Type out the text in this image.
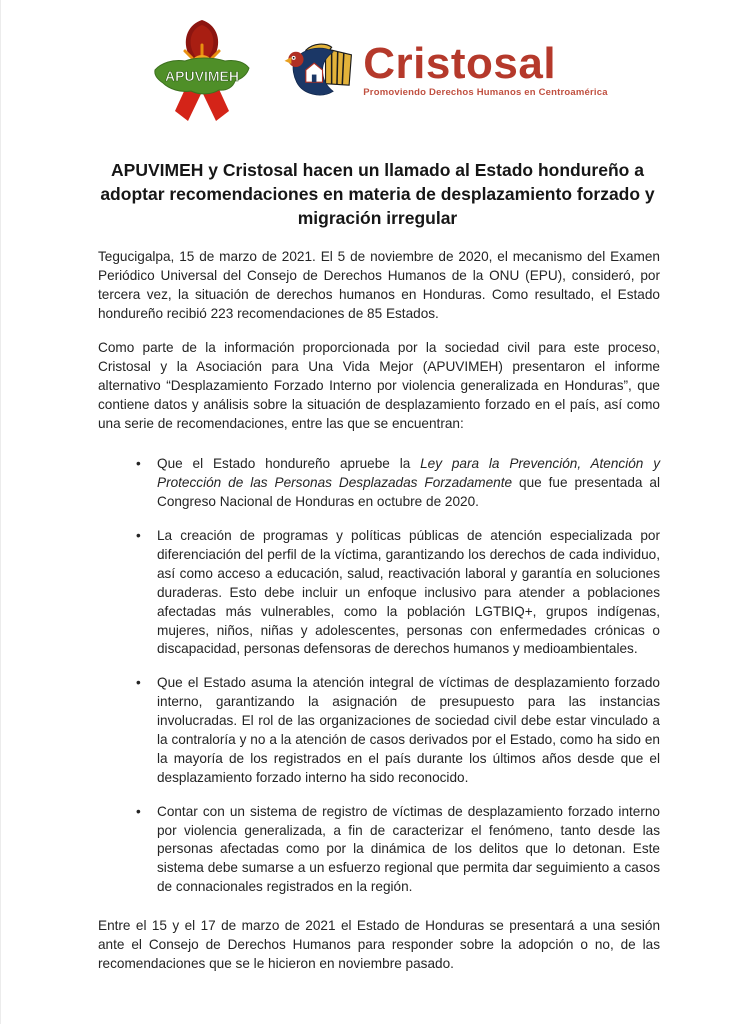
APUVIMEH	Cristosal
Promoviendo Derechos Humanos en Centroamérica
APUVIMEH y Cristosal hacen un llamado al Estado hondureño a adoptar recomendaciones en materia de desplazamiento forzado y migración irregular

Tegucigalpa, 15 de marzo de 2021. El 5 de noviembre de 2020, el mecanismo del Examen Periódico Universal del Consejo de Derechos Humanos de la ONU (EPU), consideró, por tercera vez, la situación de derechos humanos en Honduras. Como resultado, el Estado hondureño recibió 223 recomendaciones de 85 Estados.

Como parte de la información proporcionada por la sociedad civil para este proceso, Cristosal y la Asociación para Una Vida Mejor (APUVIMEH) presentaron el informe alternativo “Desplazamiento Forzado Interno por violencia generalizada en Honduras”, que contiene datos y análisis sobre la situación de desplazamiento forzado en el país, así como una serie de recomendaciones, entre las que se encuentran:

• Que el Estado hondureño apruebe la Ley para la Prevención, Atención y Protección de las Personas Desplazadas Forzadamente que fue presentada al Congreso Nacional de Honduras en octubre de 2020.
• La creación de programas y políticas públicas de atención especializada por diferenciación del perfil de la víctima, garantizando los derechos de cada individuo, así como acceso a educación, salud, reactivación laboral y garantía en soluciones duraderas. Esto debe incluir un enfoque inclusivo para atender a poblaciones afectadas más vulnerables, como la población LGTBIQ+, grupos indígenas, mujeres, niños, niñas y adolescentes, personas con enfermedades crónicas o discapacidad, personas defensoras de derechos humanos y medioambientales.
• Que el Estado asuma la atención integral de víctimas de desplazamiento forzado interno, garantizando la asignación de presupuesto para las instancias involucradas. El rol de las organizaciones de sociedad civil debe estar vinculado a la contraloría y no a la atención de casos derivados por el Estado, como ha sido en la mayoría de los registrados en el país durante los últimos años desde que el desplazamiento forzado interno ha sido reconocido.
• Contar con un sistema de registro de víctimas de desplazamiento forzado interno por violencia generalizada, a fin de caracterizar el fenómeno, tanto desde las personas afectadas como por la dinámica de los delitos que lo detonan. Este sistema debe sumarse a un esfuerzo regional que permita dar seguimiento a casos de connacionales registrados en la región.

Entre el 15 y el 17 de marzo de 2021 el Estado de Honduras se presentará a una sesión ante el Consejo de Derechos Humanos para responder sobre la adopción o no, de las recomendaciones que se le hicieron en noviembre pasado.
